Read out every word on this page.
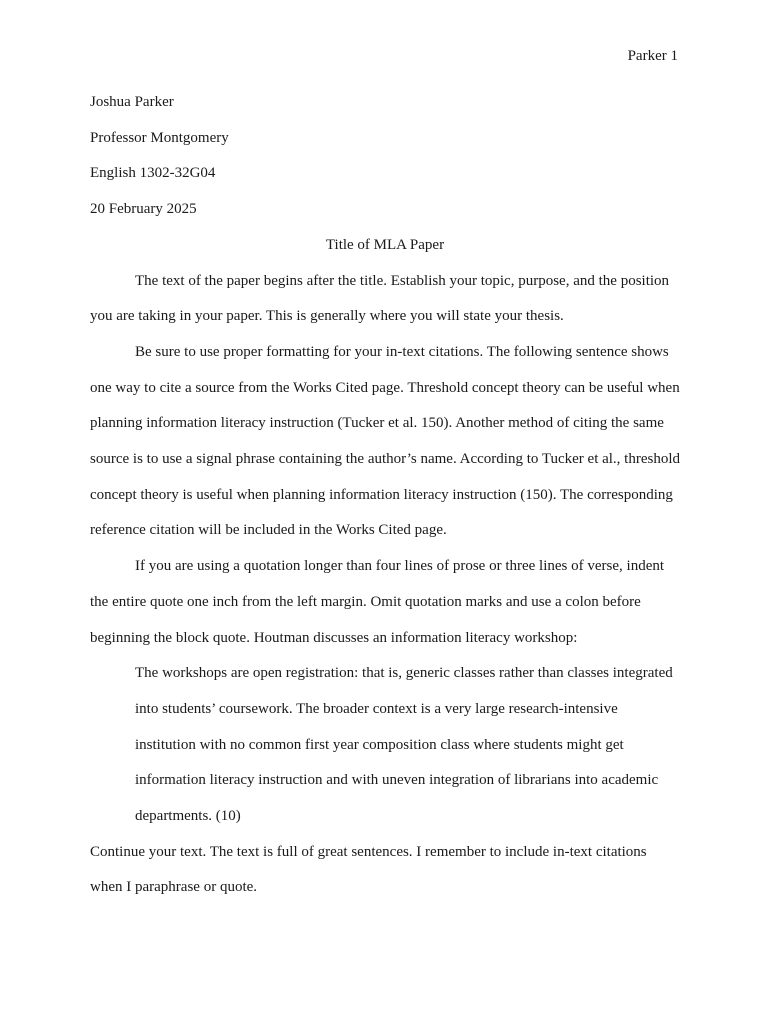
Parker 1

Joshua Parker

Professor Montgomery

English 1302-32G04

20 February 2025

Title of MLA Paper

The text of the paper begins after the title. Establish your topic, purpose, and the position you are taking in your paper. This is generally where you will state your thesis.

Be sure to use proper formatting for your in-text citations. The following sentence shows one way to cite a source from the Works Cited page. Threshold concept theory can be useful when planning information literacy instruction (Tucker et al. 150). Another method of citing the same source is to use a signal phrase containing the author’s name. According to Tucker et al., threshold concept theory is useful when planning information literacy instruction (150). The corresponding reference citation will be included in the Works Cited page.

If you are using a quotation longer than four lines of prose or three lines of verse, indent the entire quote one inch from the left margin. Omit quotation marks and use a colon before beginning the block quote. Houtman discusses an information literacy workshop:

The workshops are open registration: that is, generic classes rather than classes integrated into students’ coursework. The broader context is a very large research-intensive institution with no common first year composition class where students might get information literacy instruction and with uneven integration of librarians into academic departments. (10)

Continue your text. The text is full of great sentences. I remember to include in-text citations when I paraphrase or quote.
